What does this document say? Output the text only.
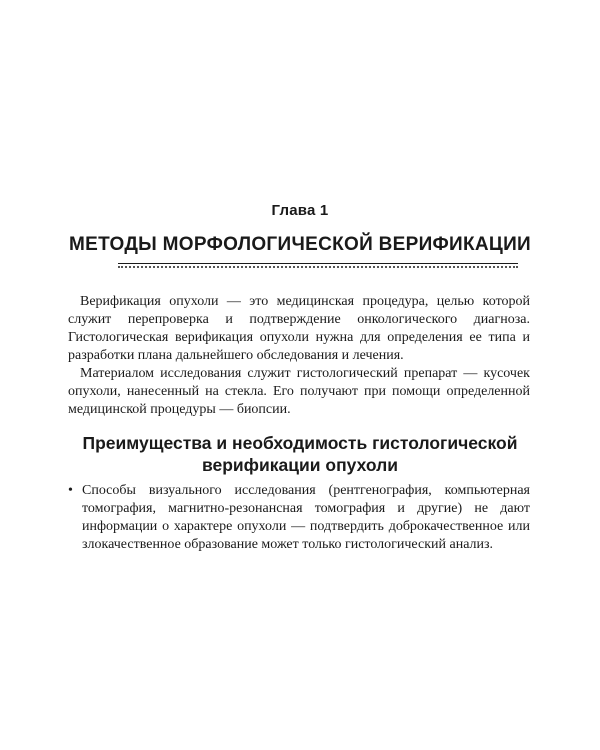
Глава 1
МЕТОДЫ МОРФОЛОГИЧЕСКОЙ ВЕРИФИКАЦИИ

Верификация опухоли — это медицинская процедура, целью которой служит перепроверка и подтверждение онкологического диагноза. Гистологическая верификация опухоли нужна для определения ее типа и разработки плана дальнейшего обследования и лечения.

Материалом исследования служит гистологический препарат — кусочек опухоли, нанесенный на стекла. Его получают при помощи определенной медицинской процедуры — биопсии.

Преимущества и необходимость гистологической
верификации опухоли
• Способы визуального исследования (рентгенография, компьютерная томография, магнитно-резонансная томография и другие) не дают информации о характере опухоли — подтвердить доброкачественное или злокачественное образование может только гистологический анализ.
